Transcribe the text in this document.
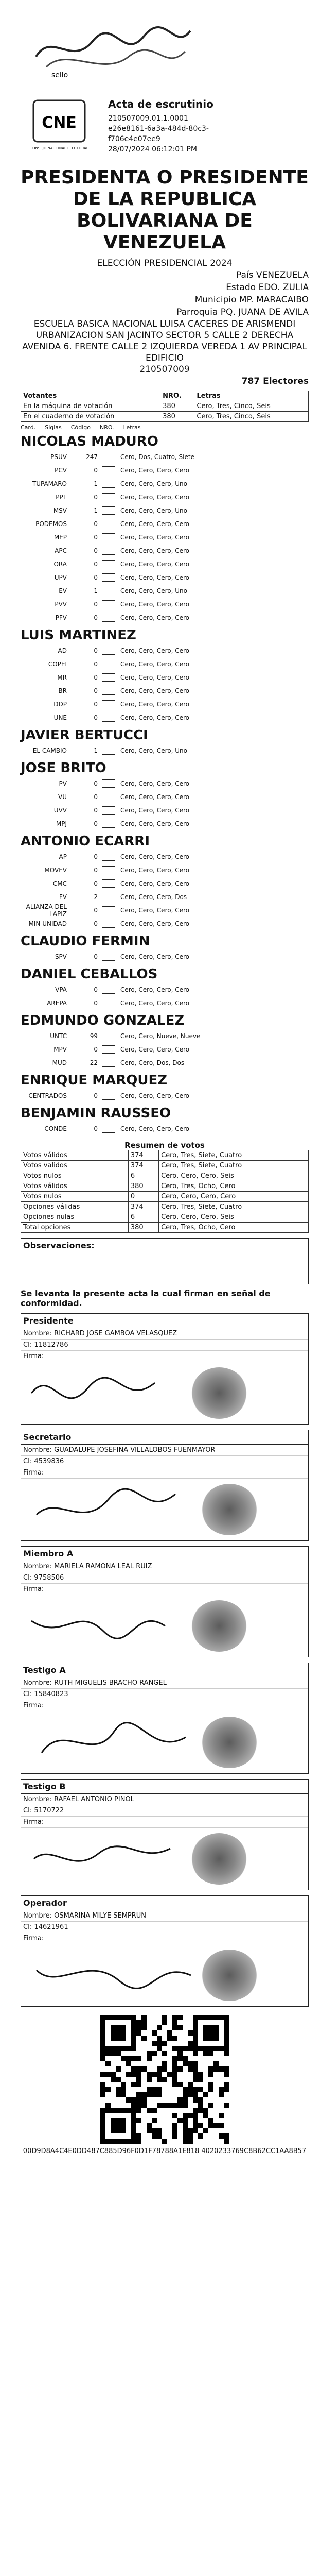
sello
CNE
CONSEJO NACIONAL ELECTORAL
Acta de escrutinio
210507009.01.1.0001
e26e8161-6a3a-484d-80c3-
f706e4e07ee9
28/07/2024 06:12:01 PM
PRESIDENTA O PRESIDENTE DE LA REPUBLICA BOLIVARIANA DE VENEZUELA
ELECCIÓN PRESIDENCIAL 2024
País VENEZUELA
Estado EDO. ZULIA
Municipio MP. MARACAIBO
Parroquia PQ. JUANA DE AVILA
ESCUELA BASICA NACIONAL LUISA CACERES DE ARISMENDI
URBANIZACION SAN JACINTO SECTOR 5 CALLE 2 DERECHA AVENIDA 6. FRENTE CALLE 2 IZQUIERDA VEREDA 1 AV PRINCIPAL EDIFICIO
210507009
787 Electores
Votantes	NRO.	Letras
En la máquina de votación	380	Cero, Tres, Cinco, Seis
En el cuaderno de votación	380	Cero, Tres, Cinco, Seis
Card. Siglas Código NRO. Letras
NICOLAS MADURO
PSUV	247	Cero, Dos, Cuatro, Siete
PCV	0	Cero, Cero, Cero, Cero
TUPAMARO	1	Cero, Cero, Cero, Uno
PPT	0	Cero, Cero, Cero, Cero
MSV	1	Cero, Cero, Cero, Uno
PODEMOS	0	Cero, Cero, Cero, Cero
MEP	0	Cero, Cero, Cero, Cero
APC	0	Cero, Cero, Cero, Cero
ORA	0	Cero, Cero, Cero, Cero
UPV	0	Cero, Cero, Cero, Cero
EV	1	Cero, Cero, Cero, Uno
PVV	0	Cero, Cero, Cero, Cero
PFV	0	Cero, Cero, Cero, Cero
LUIS MARTINEZ
AD	0	Cero, Cero, Cero, Cero
COPEI	0	Cero, Cero, Cero, Cero
MR	0	Cero, Cero, Cero, Cero
BR	0	Cero, Cero, Cero, Cero
DDP	0	Cero, Cero, Cero, Cero
UNE	0	Cero, Cero, Cero, Cero
JAVIER BERTUCCI
EL CAMBIO	1	Cero, Cero, Cero, Uno
JOSE BRITO
PV	0	Cero, Cero, Cero, Cero
VU	0	Cero, Cero, Cero, Cero
UVV	0	Cero, Cero, Cero, Cero
MPJ	0	Cero, Cero, Cero, Cero
ANTONIO ECARRI
AP	0	Cero, Cero, Cero, Cero
MOVEV	0	Cero, Cero, Cero, Cero
CMC	0	Cero, Cero, Cero, Cero
FV	2	Cero, Cero, Cero, Dos
ALIANZA DEL LAPIZ	0	Cero, Cero, Cero, Cero
MIN UNIDAD	0	Cero, Cero, Cero, Cero
CLAUDIO FERMIN
SPV	0	Cero, Cero, Cero, Cero
DANIEL CEBALLOS
VPA	0	Cero, Cero, Cero, Cero
AREPA	0	Cero, Cero, Cero, Cero
EDMUNDO GONZALEZ
UNTC	99	Cero, Cero, Nueve, Nueve
MPV	0	Cero, Cero, Cero, Cero
MUD	22	Cero, Cero, Dos, Dos
ENRIQUE MARQUEZ
CENTRADOS	0	Cero, Cero, Cero, Cero
BENJAMIN RAUSSEO
CONDE	0	Cero, Cero, Cero, Cero
Resumen de votos
Votos válidos	374	Cero, Tres, Siete, Cuatro
Votos validos	374	Cero, Tres, Siete, Cuatro
Votos nulos	6	Cero, Cero, Cero, Seis
Votos válidos	380	Cero, Tres, Ocho, Cero
Votos nulos	0	Cero, Cero, Cero, Cero
Opciones válidas	374	Cero, Tres, Siete, Cuatro
Opciones nulas	6	Cero, Cero, Cero, Seis
Total opciones	380	Cero, Tres, Ocho, Cero
Observaciones:
Se levanta la presente acta la cual firman en señal de conformidad.
Presidente
Nombre: RICHARD JOSE GAMBOA VELASQUEZ
CI: 11812786
Firma:
Secretario
Nombre: GUADALUPE JOSEFINA VILLALOBOS FUENMAYOR
CI: 4539836
Firma:
Miembro A
Nombre: MARIELA RAMONA LEAL RUIZ
CI: 9758506
Firma:
Testigo A
Nombre: RUTH MIGUELIS BRACHO RANGEL
CI: 15840823
Firma:
Testigo B
Nombre: RAFAEL ANTONIO PINOL
CI: 5170722
Firma:
Operador
Nombre: OSMARINA MILYE SEMPRUN
CI: 14621961
Firma:
00D9D8A4C4E0DD487C885D96F0D1F78788A1E818 4020233769C8B62CC1AA8B57
